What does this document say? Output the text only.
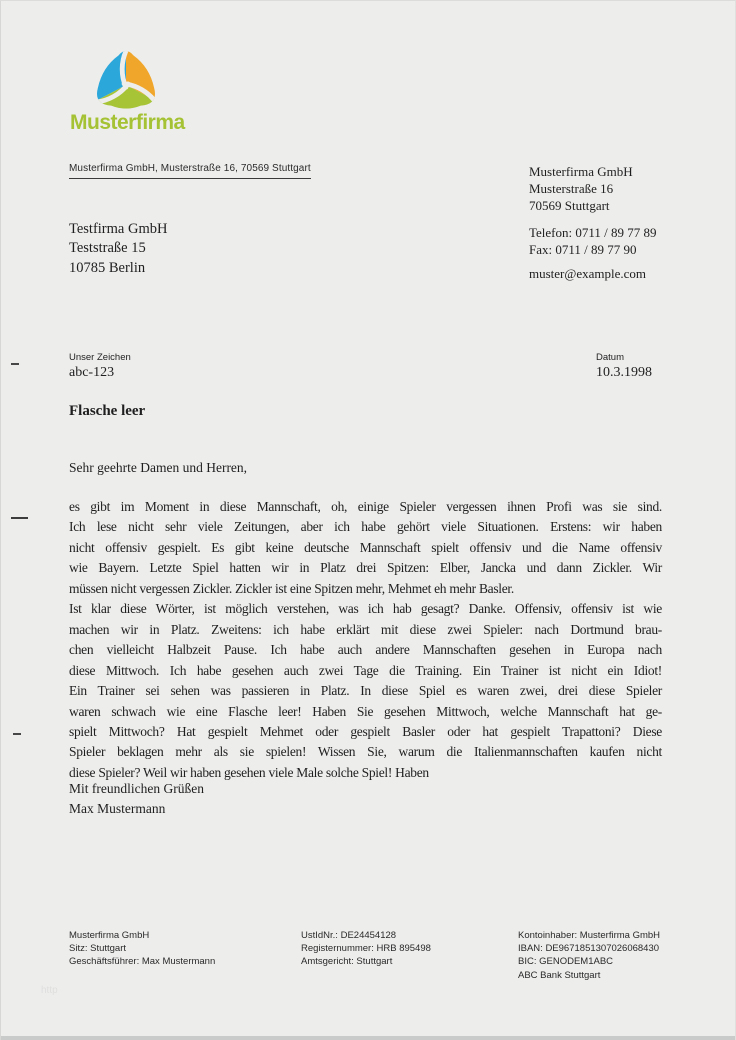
Musterfirma
Musterfirma GmbH, Musterstraße 16, 70569 Stuttgart
Testfirma GmbH
Teststraße 15
10785 Berlin
Musterfirma GmbH
Musterstraße 16
70569 Stuttgart
Telefon: 0711 / 89 77 89
Fax: 0711 / 89 77 90
muster@example.com
Unser Zeichen
abc-123
Datum
10.3.1998
Flasche leer
Sehr geehrte Damen und Herren,
es gibt im Moment in diese Mannschaft, oh, einige Spieler vergessen ihnen Profi was sie sind.
Ich lese nicht sehr viele Zeitungen, aber ich habe gehört viele Situationen. Erstens: wir haben
nicht offensiv gespielt. Es gibt keine deutsche Mannschaft spielt offensiv und die Name offensiv
wie Bayern. Letzte Spiel hatten wir in Platz drei Spitzen: Elber, Jancka und dann Zickler. Wir
müssen nicht vergessen Zickler. Zickler ist eine Spitzen mehr, Mehmet eh mehr Basler.
Ist klar diese Wörter, ist möglich verstehen, was ich hab gesagt? Danke. Offensiv, offensiv ist wie
machen wir in Platz. Zweitens: ich habe erklärt mit diese zwei Spieler: nach Dortmund brau-
chen vielleicht Halbzeit Pause. Ich habe auch andere Mannschaften gesehen in Europa nach
diese Mittwoch. Ich habe gesehen auch zwei Tage die Training. Ein Trainer ist nicht ein Idiot!
Ein Trainer sei sehen was passieren in Platz. In diese Spiel es waren zwei, drei diese Spieler
waren schwach wie eine Flasche leer! Haben Sie gesehen Mittwoch, welche Mannschaft hat ge-
spielt Mittwoch? Hat gespielt Mehmet oder gespielt Basler oder hat gespielt Trapattoni? Diese
Spieler beklagen mehr als sie spielen! Wissen Sie, warum die Italienmannschaften kaufen nicht
diese Spieler? Weil wir haben gesehen viele Male solche Spiel! Haben
Mit freundlichen Grüßen
Max Mustermann
Musterfirma GmbH
Sitz: Stuttgart
Geschäftsführer: Max Mustermann
UstIdNr.: DE24454128
Registernummer: HRB 895498
Amtsgericht: Stuttgart
Kontoinhaber: Musterfirma GmbH
IBAN: DE9671851307026068430
BIC: GENODEM1ABC
ABC Bank Stuttgart
http
